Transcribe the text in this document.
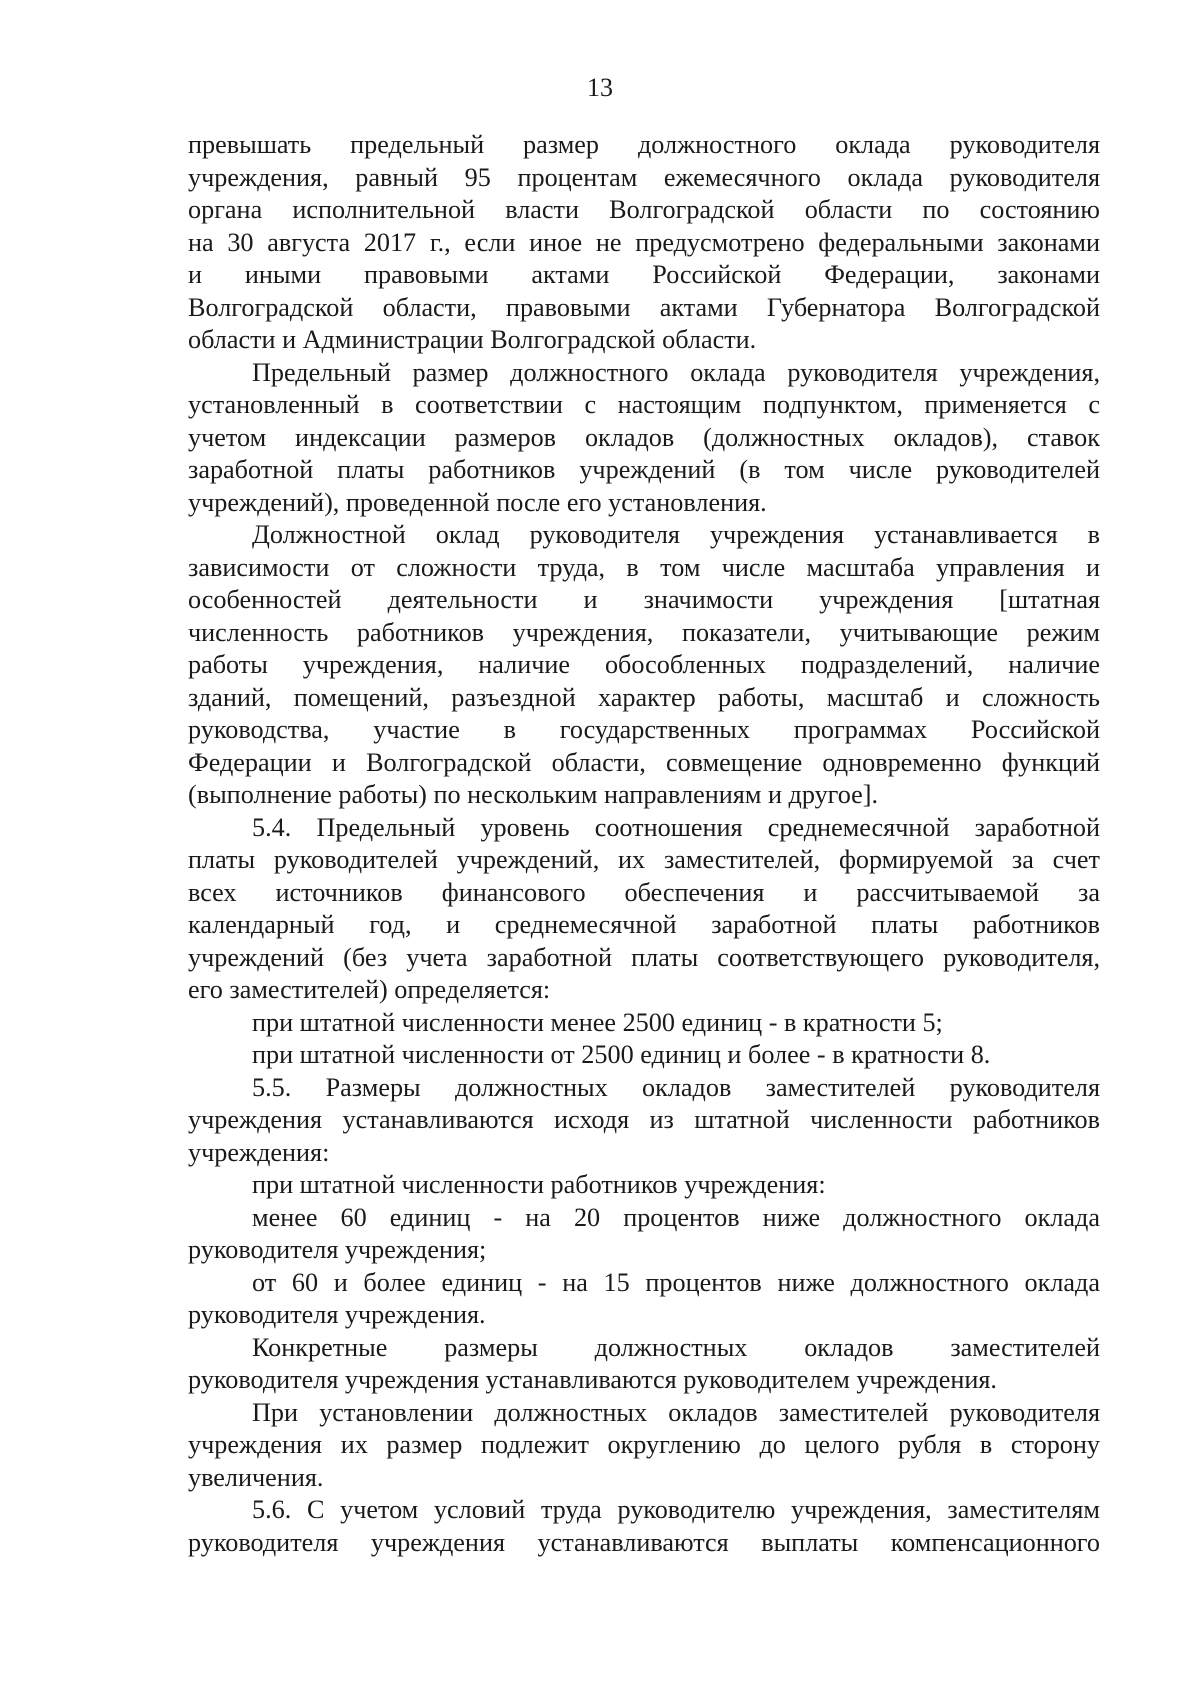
13
превышать предельный размер должностного оклада руководителя
учреждения, равный 95 процентам ежемесячного оклада руководителя
органа исполнительной власти Волгоградской области по состоянию
на 30 августа 2017 г., если иное не предусмотрено федеральными законами
и иными правовыми актами Российской Федерации, законами
Волгоградской области, правовыми актами Губернатора Волгоградской
области и Администрации Волгоградской области.
Предельный размер должностного оклада руководителя учреждения,
установленный в соответствии с настоящим подпунктом, применяется с
учетом индексации размеров окладов (должностных окладов), ставок
заработной платы работников учреждений (в том числе руководителей
учреждений), проведенной после его установления.
Должностной оклад руководителя учреждения устанавливается в
зависимости от сложности труда, в том числе масштаба управления и
особенностей деятельности и значимости учреждения [штатная
численность работников учреждения, показатели, учитывающие режим
работы учреждения, наличие обособленных подразделений, наличие
зданий, помещений, разъездной характер работы, масштаб и сложность
руководства, участие в государственных программах Российской
Федерации и Волгоградской области, совмещение одновременно функций
(выполнение работы) по нескольким направлениям и другое].
5.4. Предельный уровень соотношения среднемесячной заработной
платы руководителей учреждений, их заместителей, формируемой за счет
всех источников финансового обеспечения и рассчитываемой за
календарный год, и среднемесячной заработной платы работников
учреждений (без учета заработной платы соответствующего руководителя,
его заместителей) определяется:
при штатной численности менее 2500 единиц - в кратности 5;
при штатной численности от 2500 единиц и более - в кратности 8.
5.5. Размеры должностных окладов заместителей руководителя
учреждения устанавливаются исходя из штатной численности работников
учреждения:
при штатной численности работников учреждения:
менее 60 единиц - на 20 процентов ниже должностного оклада
руководителя учреждения;
от 60 и более единиц - на 15 процентов ниже должностного оклада
руководителя учреждения.
Конкретные размеры должностных окладов заместителей
руководителя учреждения устанавливаются руководителем учреждения.
При установлении должностных окладов заместителей руководителя
учреждения их размер подлежит округлению до целого рубля в сторону
увеличения.
5.6. С учетом условий труда руководителю учреждения, заместителям
руководителя учреждения устанавливаются выплаты компенсационного
